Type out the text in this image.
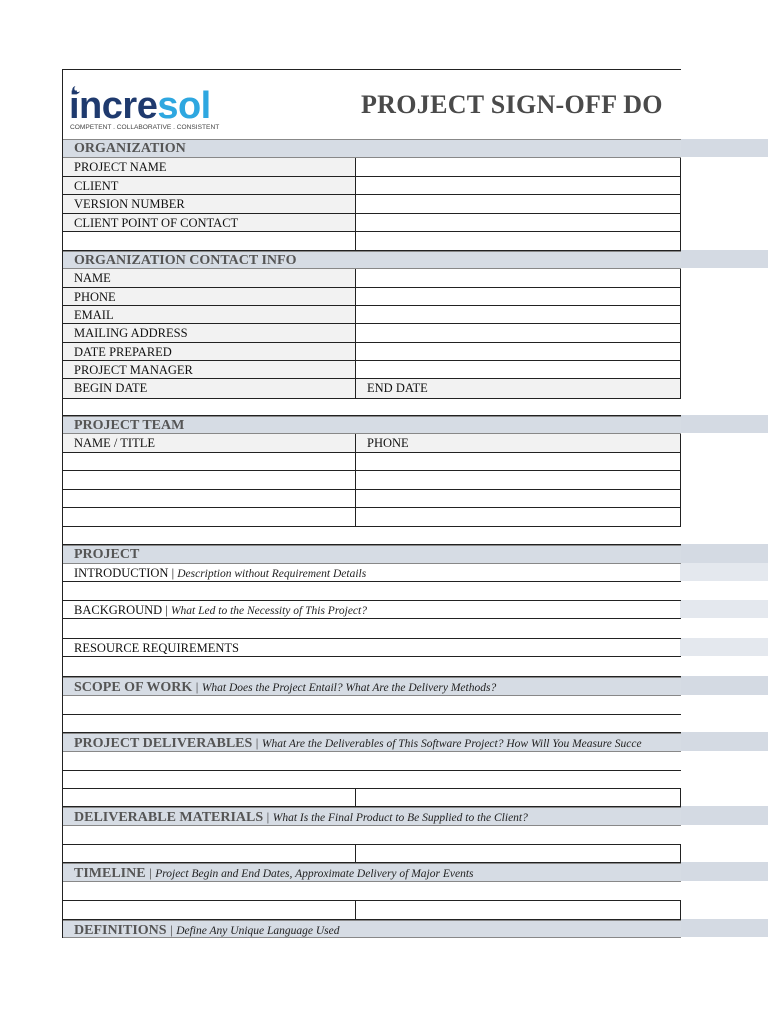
incresol
COMPETENT . COLLABORATIVE . CONSISTENT
PROJECT SIGN-OFF DO
ORGANIZATION
PROJECT NAME
CLIENT
VERSION NUMBER
CLIENT POINT OF CONTACT
ORGANIZATION CONTACT INFO
NAME
PHONE
EMAIL
MAILING ADDRESS
DATE PREPARED
PROJECT MANAGER
BEGIN DATE	END DATE
PROJECT TEAM
NAME / TITLE	PHONE
PROJECT
INTRODUCTION | Description without Requirement Details
BACKGROUND | What Led to the Necessity of This Project?
RESOURCE REQUIREMENTS
SCOPE OF WORK | What Does the Project Entail? What Are the Delivery Methods?
PROJECT DELIVERABLES | What Are the Deliverables of This Software Project? How Will You Measure Succe
DELIVERABLE MATERIALS | What Is the Final Product to Be Supplied to the Client?
TIMELINE | Project Begin and End Dates, Approximate Delivery of Major Events
DEFINITIONS | Define Any Unique Language Used
